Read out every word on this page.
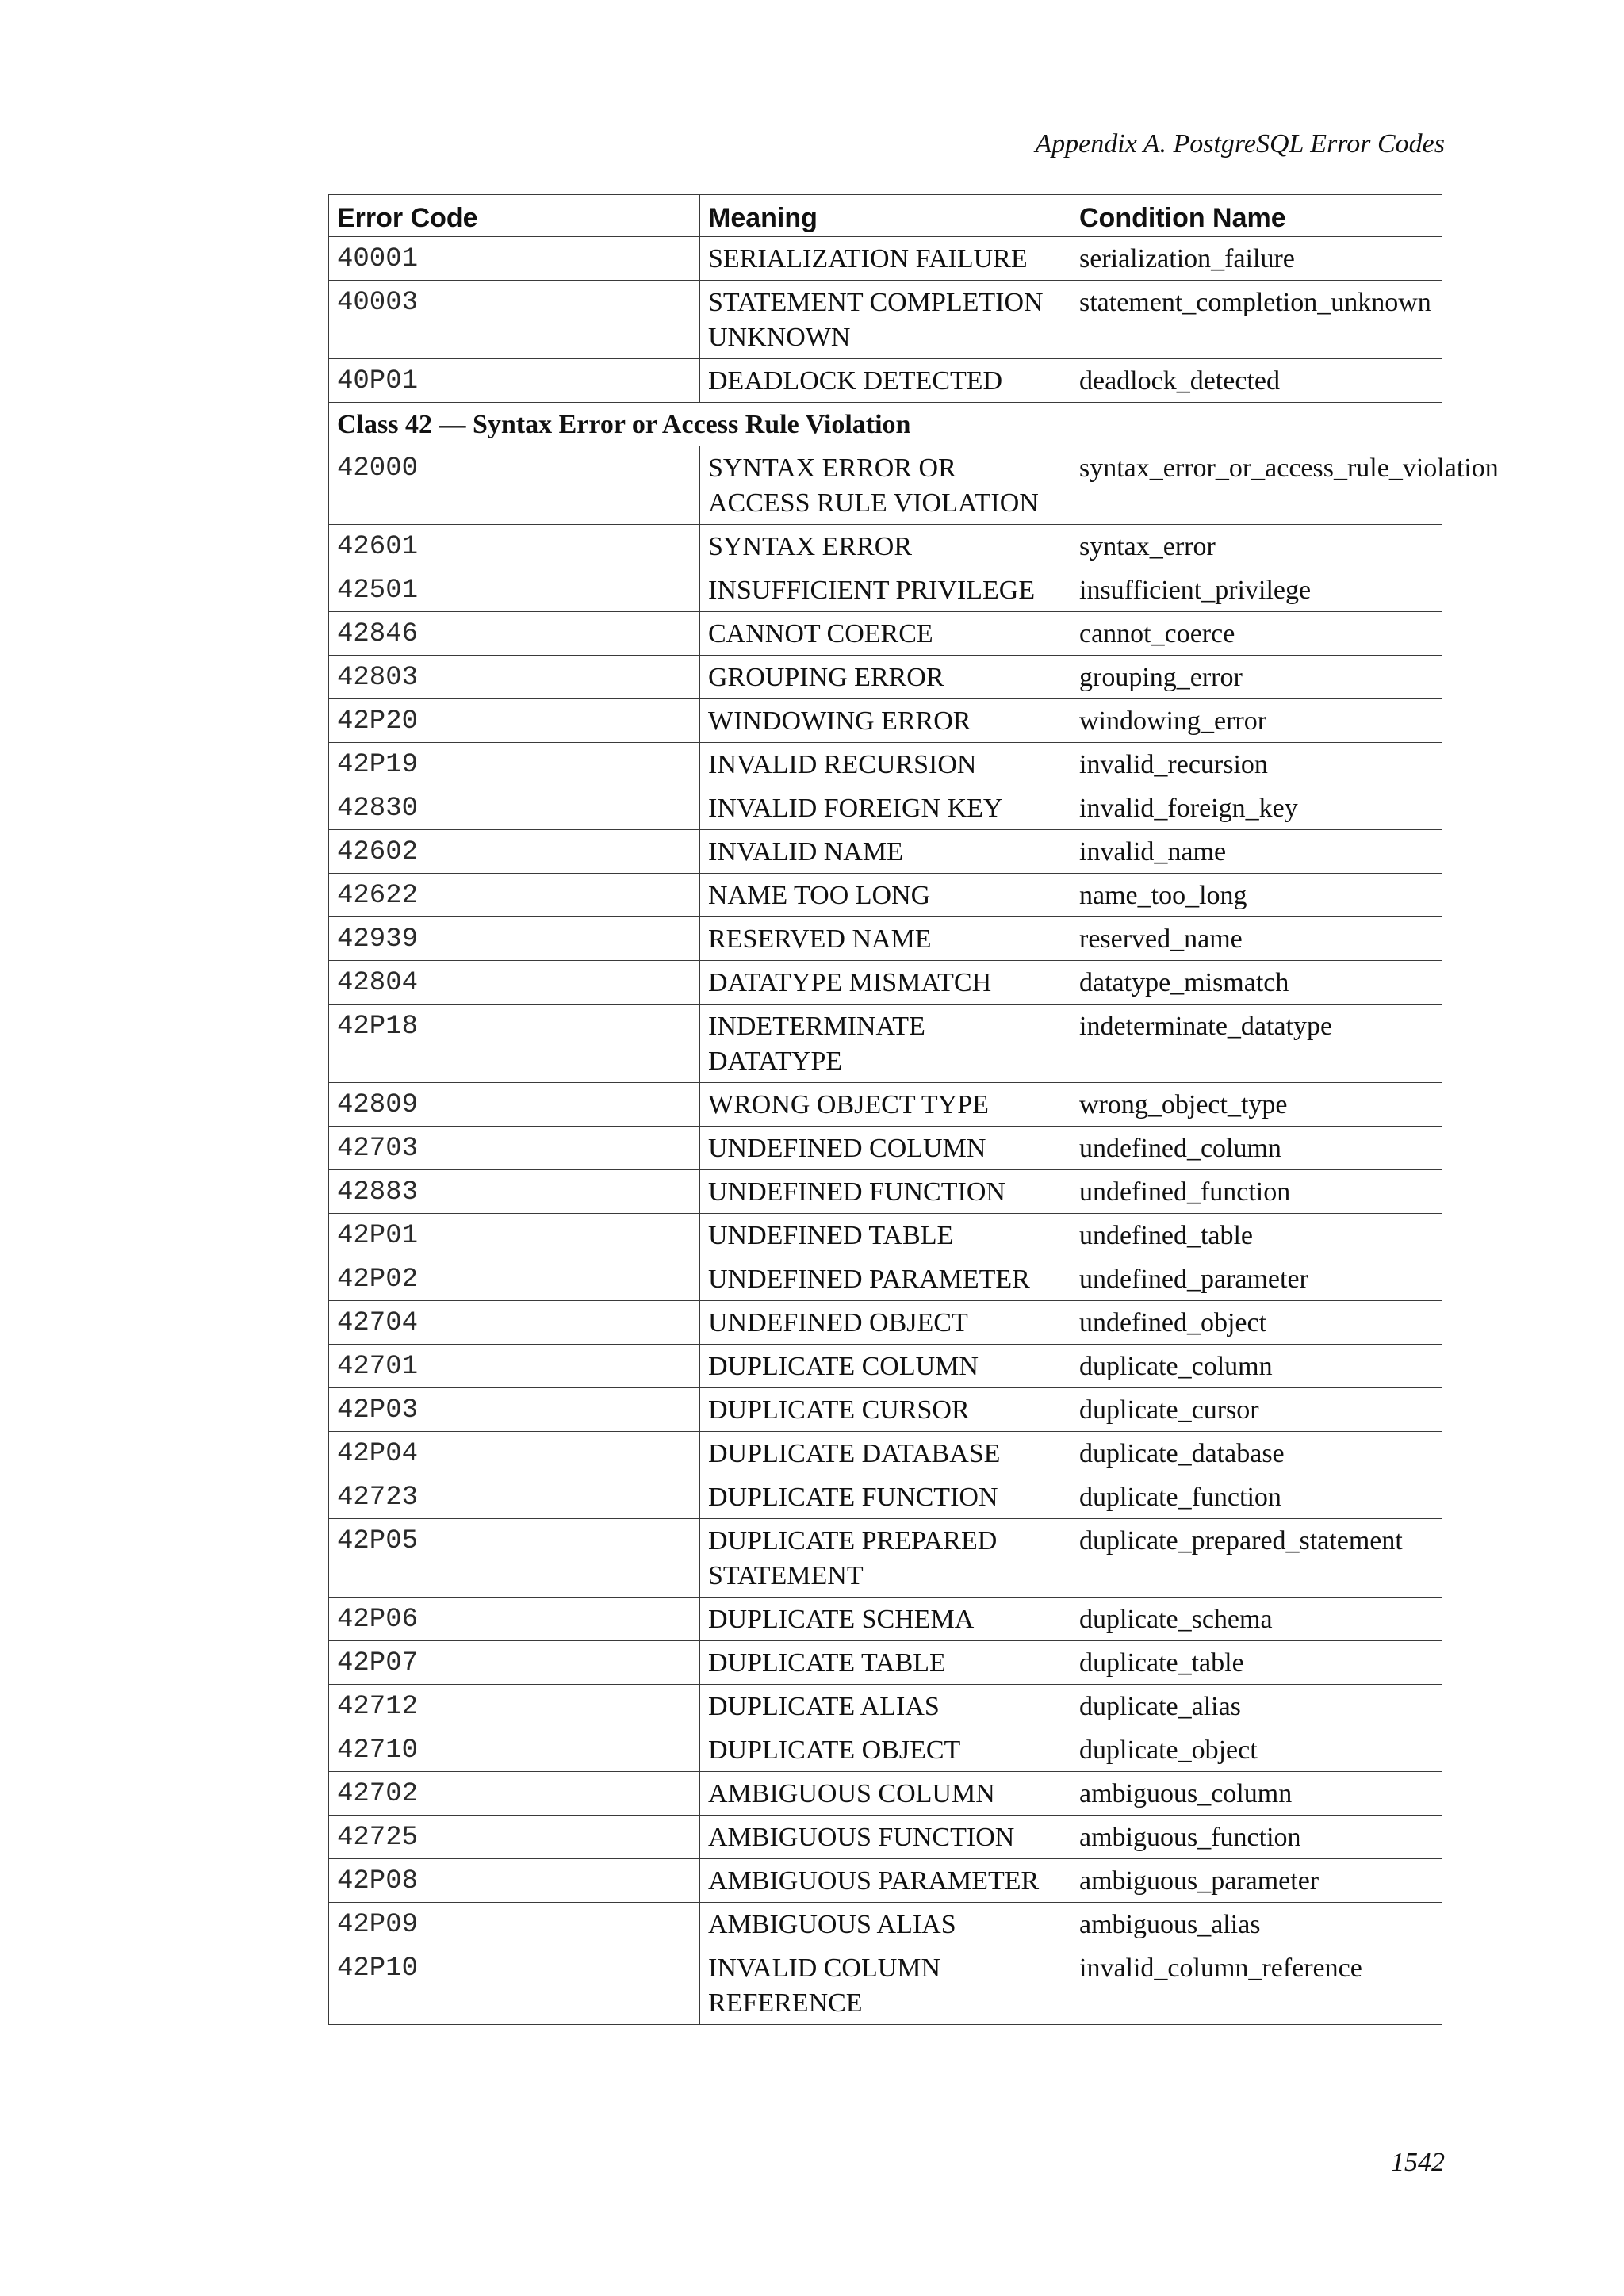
Appendix A. PostgreSQL Error Codes
Error Code	Meaning	Condition Name
40001	SERIALIZATION FAILURE	serialization_failure
40003	STATEMENT COMPLETION UNKNOWN	statement_completion_unknown
40P01	DEADLOCK DETECTED	deadlock_detected
Class 42 — Syntax Error or Access Rule Violation		
42000	SYNTAX ERROR OR ACCESS RULE VIOLATION	syntax_error_or_access_rule_violation
42601	SYNTAX ERROR	syntax_error
42501	INSUFFICIENT PRIVILEGE	insufficient_privilege
42846	CANNOT COERCE	cannot_coerce
42803	GROUPING ERROR	grouping_error
42P20	WINDOWING ERROR	windowing_error
42P19	INVALID RECURSION	invalid_recursion
42830	INVALID FOREIGN KEY	invalid_foreign_key
42602	INVALID NAME	invalid_name
42622	NAME TOO LONG	name_too_long
42939	RESERVED NAME	reserved_name
42804	DATATYPE MISMATCH	datatype_mismatch
42P18	INDETERMINATE DATATYPE	indeterminate_datatype
42809	WRONG OBJECT TYPE	wrong_object_type
42703	UNDEFINED COLUMN	undefined_column
42883	UNDEFINED FUNCTION	undefined_function
42P01	UNDEFINED TABLE	undefined_table
42P02	UNDEFINED PARAMETER	undefined_parameter
42704	UNDEFINED OBJECT	undefined_object
42701	DUPLICATE COLUMN	duplicate_column
42P03	DUPLICATE CURSOR	duplicate_cursor
42P04	DUPLICATE DATABASE	duplicate_database
42723	DUPLICATE FUNCTION	duplicate_function
42P05	DUPLICATE PREPARED STATEMENT	duplicate_prepared_statement
42P06	DUPLICATE SCHEMA	duplicate_schema
42P07	DUPLICATE TABLE	duplicate_table
42712	DUPLICATE ALIAS	duplicate_alias
42710	DUPLICATE OBJECT	duplicate_object
42702	AMBIGUOUS COLUMN	ambiguous_column
42725	AMBIGUOUS FUNCTION	ambiguous_function
42P08	AMBIGUOUS PARAMETER	ambiguous_parameter
42P09	AMBIGUOUS ALIAS	ambiguous_alias
42P10	INVALID COLUMN REFERENCE	invalid_column_reference
1542
